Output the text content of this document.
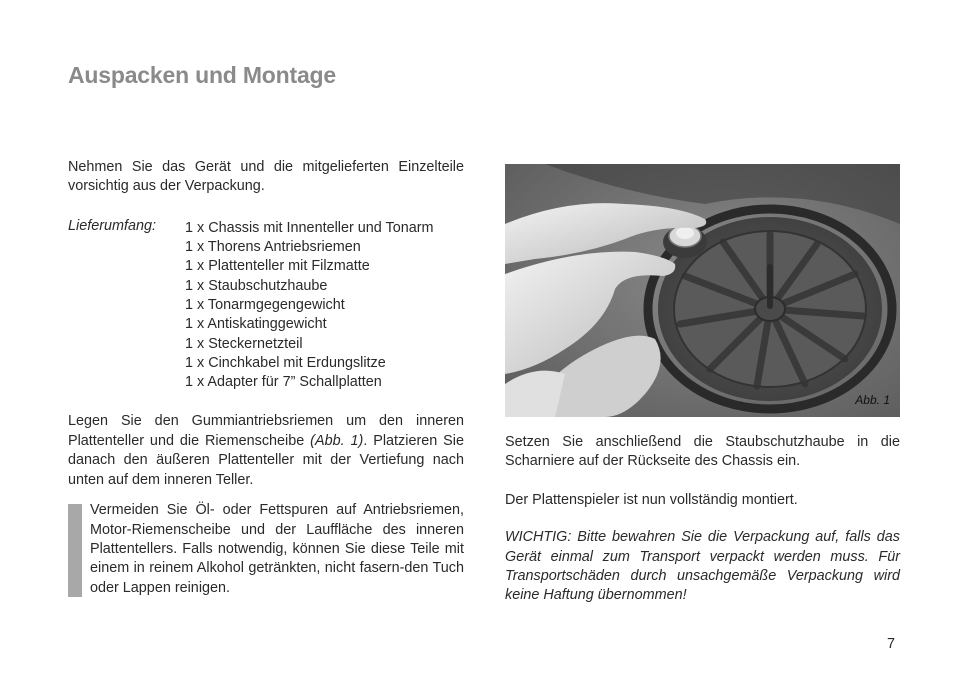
Auspacken und Montage

Nehmen Sie das Gerät und die mitgelieferten Einzelteile vorsichtig aus der Verpackung.

Lieferumfang:	1 x Chassis mit Innenteller und Tonarm
1 x Thorens Antriebsriemen
1 x Plattenteller mit Filzmatte
1 x Staubschutzhaube
1 x Tonarmgegengewicht
1 x Antiskatinggewicht
1 x Steckernetzteil
1 x Cinchkabel mit Erdungslitze
1 x Adapter für 7” Schallplatten

Legen Sie den Gummiantriebsriemen um den inneren Plattenteller und die Riemenscheibe (Abb. 1). Platzieren Sie danach den äußeren Plattenteller mit der Vertiefung nach unten auf dem inneren Teller.

Vermeiden Sie Öl- oder Fettspuren auf Antriebsriemen, Motor-Riemenscheibe und der Lauffläche des inneren Plattentellers. Falls notwendig, können Sie diese Teile mit einem in reinem Alkohol getränkten, nicht fasern-den Tuch oder Lappen reinigen.

Abb. 1

Setzen Sie anschließend die Staubschutzhaube in die Scharniere auf der Rückseite des Chassis ein.

Der Plattenspieler ist nun vollständig montiert.

WICHTIG: Bitte bewahren Sie die Verpackung auf, falls das Gerät einmal zum Transport verpackt werden muss. Für Transportschäden durch unsachgemäße Verpackung wird keine Haftung übernommen!

7
